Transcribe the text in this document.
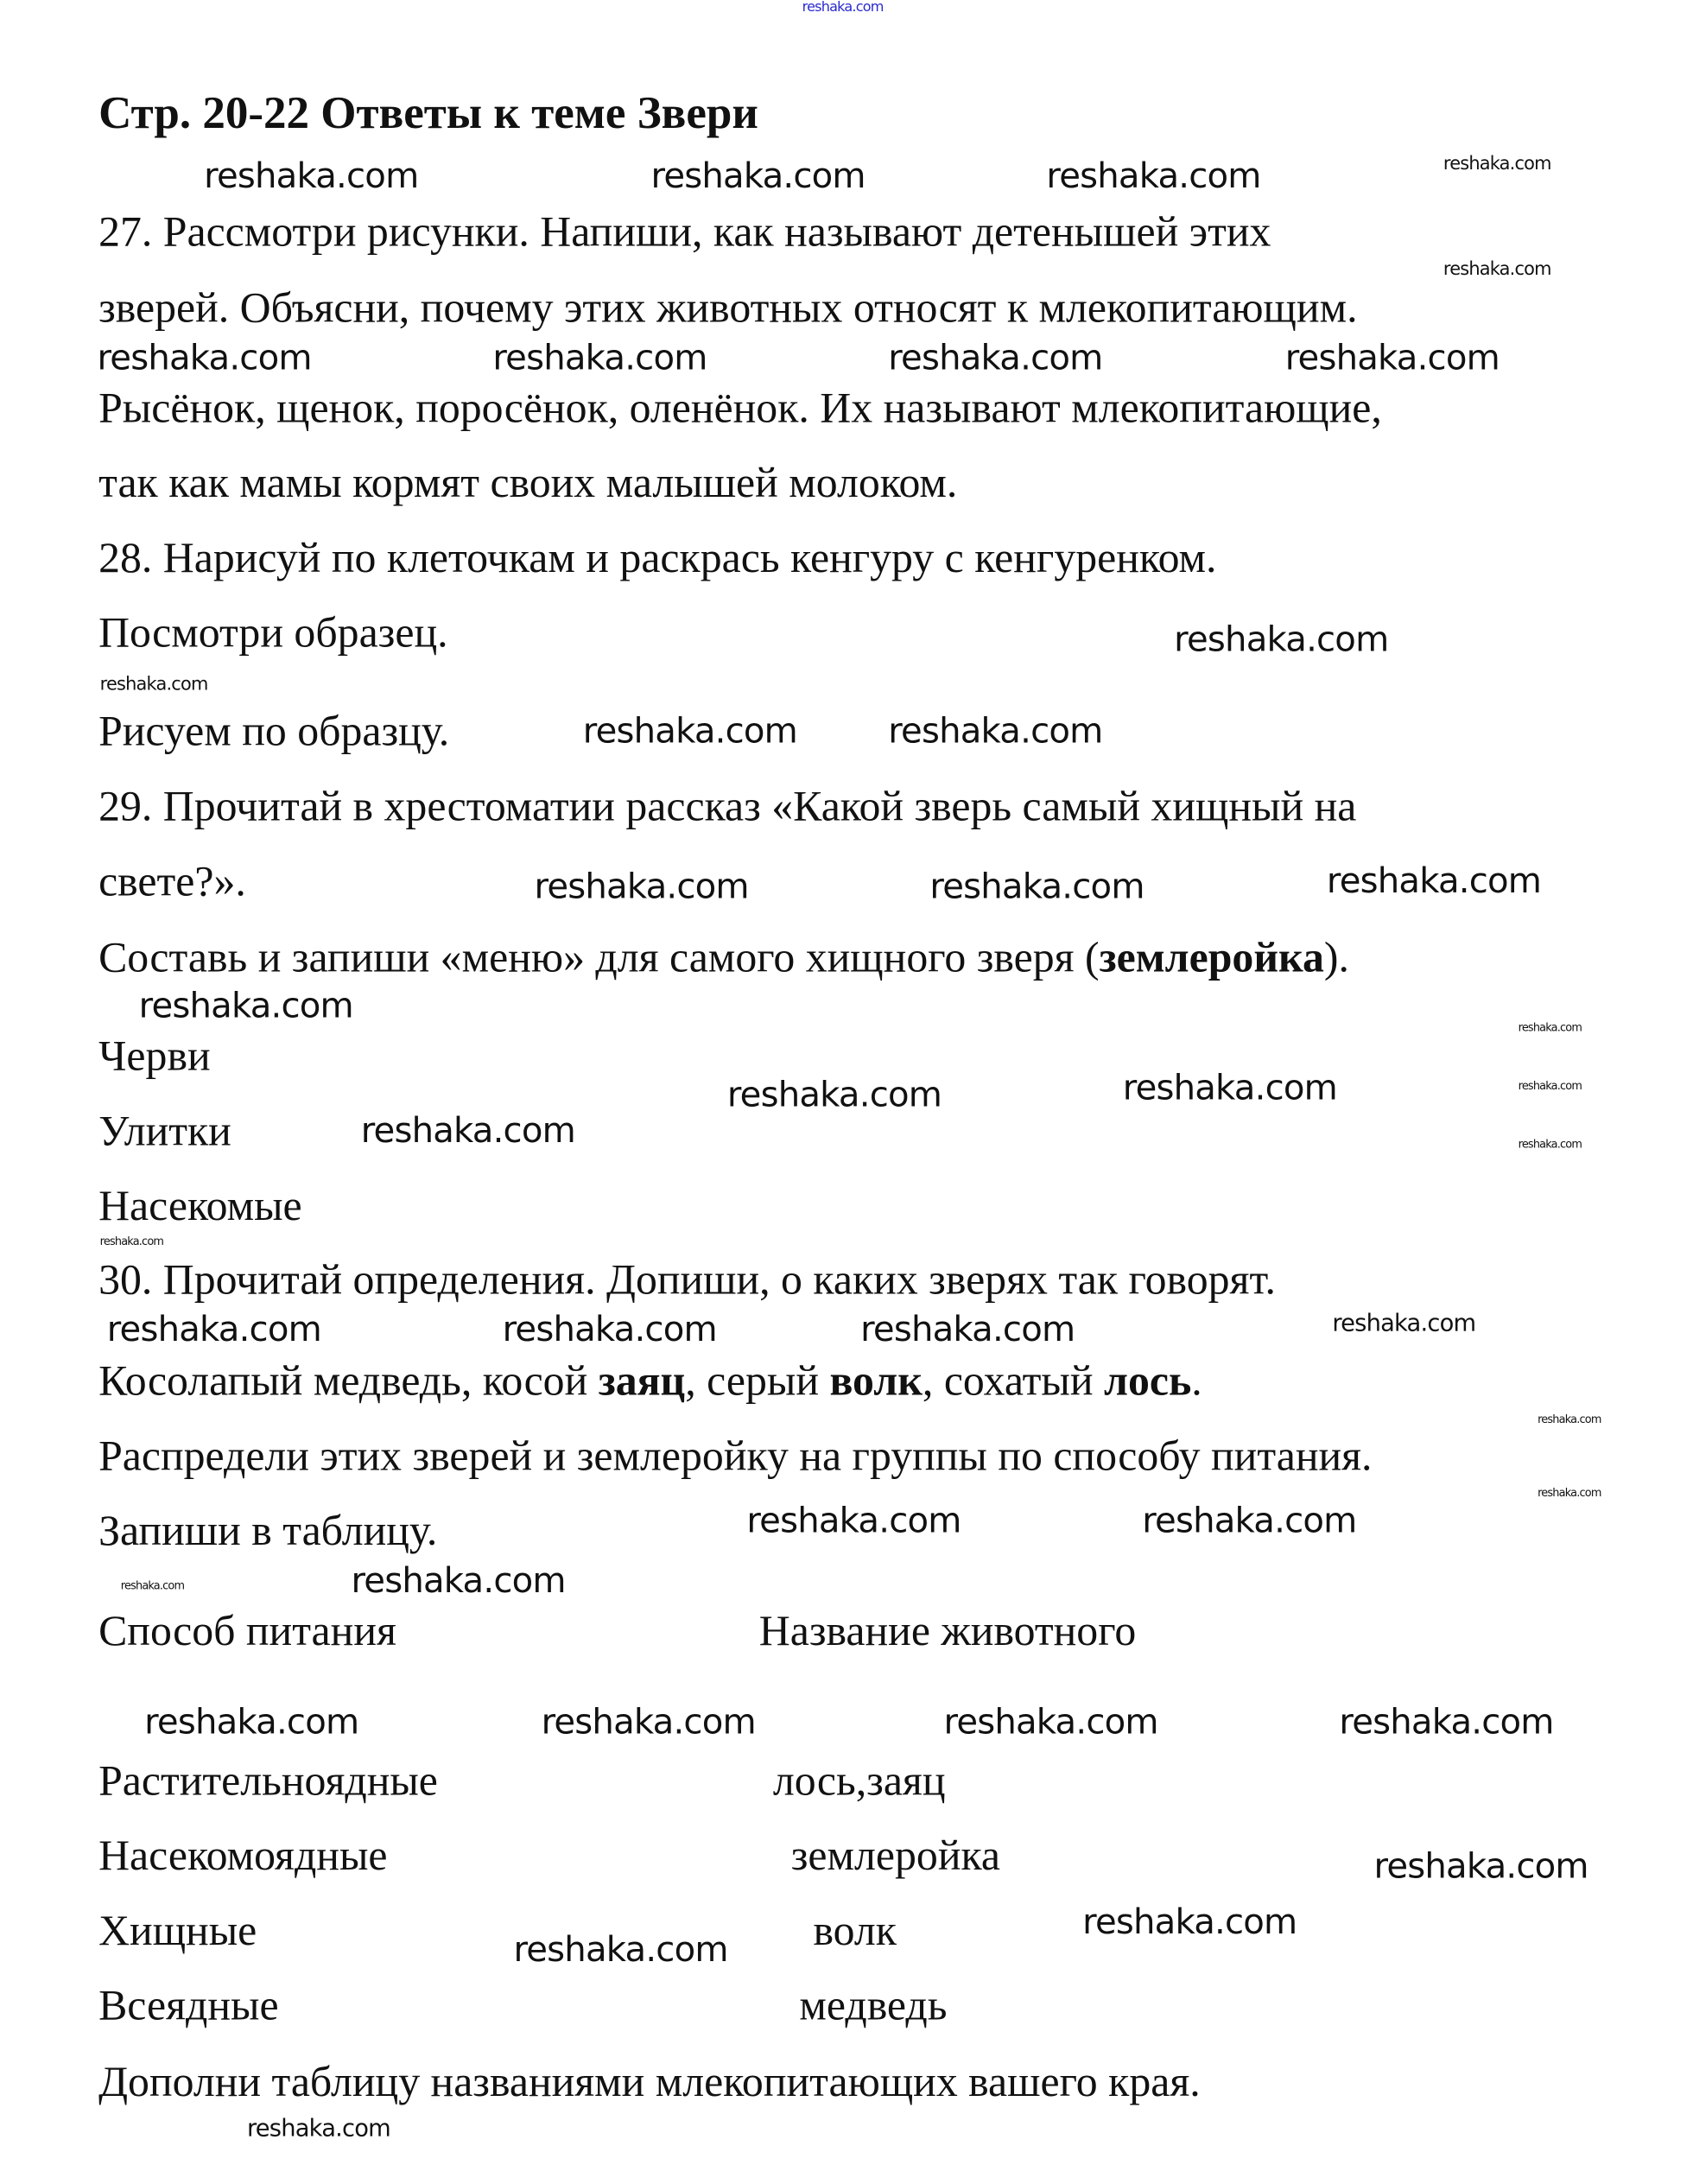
reshaka.com
Стр. 20-22 Ответы к теме Звери
27. Рассмотри рисунки. Напиши, как называют детенышей этих
зверей. Объясни, почему этих животных относят к млекопитающим.
Рысёнок, щенок, поросёнок, оленёнок. Их называют млекопитающие,
так как мамы кормят своих малышей молоком.
28. Нарисуй по клеточкам и раскрась кенгуру с кенгуренком.
Посмотри образец.
Рисуем по образцу.
29. Прочитай в хрестоматии рассказ «Какой зверь самый хищный на
свете?».
Составь и запиши «меню» для самого хищного зверя (землеройка).
Черви
Улитки
Насекомые
30. Прочитай определения. Допиши, о каких зверях так говорят.
Косолапый медведь, косой заяц, серый волк, сохатый лось.
Распредели этих зверей и землеройку на группы по способу питания.
Запиши в таблицу.
Способ питания	Название животного
Растительноядные	лось,заяц
Насекомоядные	землеройка
Хищные	волк
Всеядные	медведь
Дополни таблицу названиями млекопитающих вашего края.
reshaka.com	reshaka.com	reshaka.com
reshaka.com	reshaka.com	reshaka.com	reshaka.com
reshaka.com
reshaka.com	reshaka.com
reshaka.com
reshaka.com	reshaka.com
reshaka.com
reshaka.com	reshaka.com
reshaka.com
reshaka.com	reshaka.com
reshaka.com
reshaka.com	reshaka.com
reshaka.com
reshaka.com	reshaka.com
reshaka.com
reshaka.com
reshaka.com
reshaka.com
reshaka.com
reshaka.com
reshaka.com
reshaka.com
reshaka.com
reshaka.com
reshaka.com
reshaka.com
reshaka.com
reshaka.com
reshaka.com
reshaka.com
reshaka.com
